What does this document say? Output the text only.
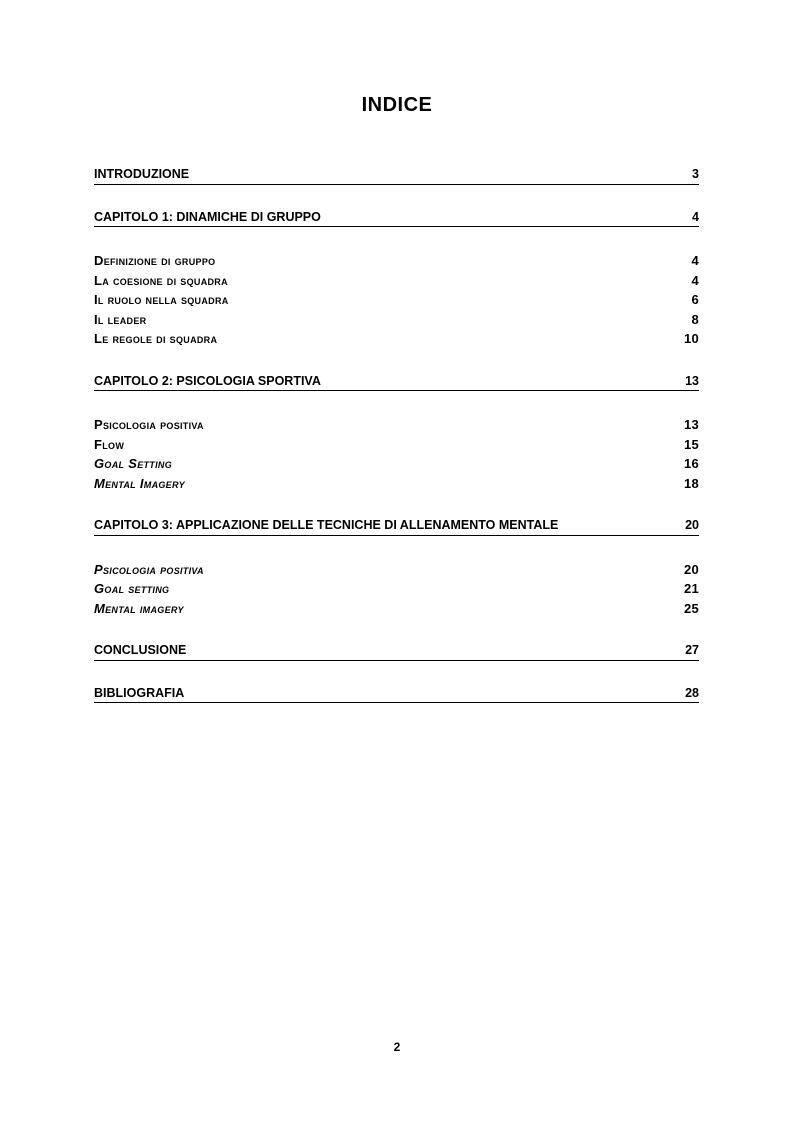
INDICE
INTRODUZIONE	3
CAPITOLO 1: DINAMICHE DI GRUPPO	4
Definizione di gruppo	4
La coesione di squadra	4
Il ruolo nella squadra	6
Il leader	8
Le regole di squadra	10
CAPITOLO 2: PSICOLOGIA SPORTIVA	13
Psicologia positiva	13
Flow	15
Goal Setting	16
Mental Imagery	18
CAPITOLO 3: APPLICAZIONE DELLE TECNICHE DI ALLENAMENTO MENTALE	20
Psicologia positiva	20
Goal setting	21
Mental imagery	25
CONCLUSIONE	27
BIBLIOGRAFIA	28
2
